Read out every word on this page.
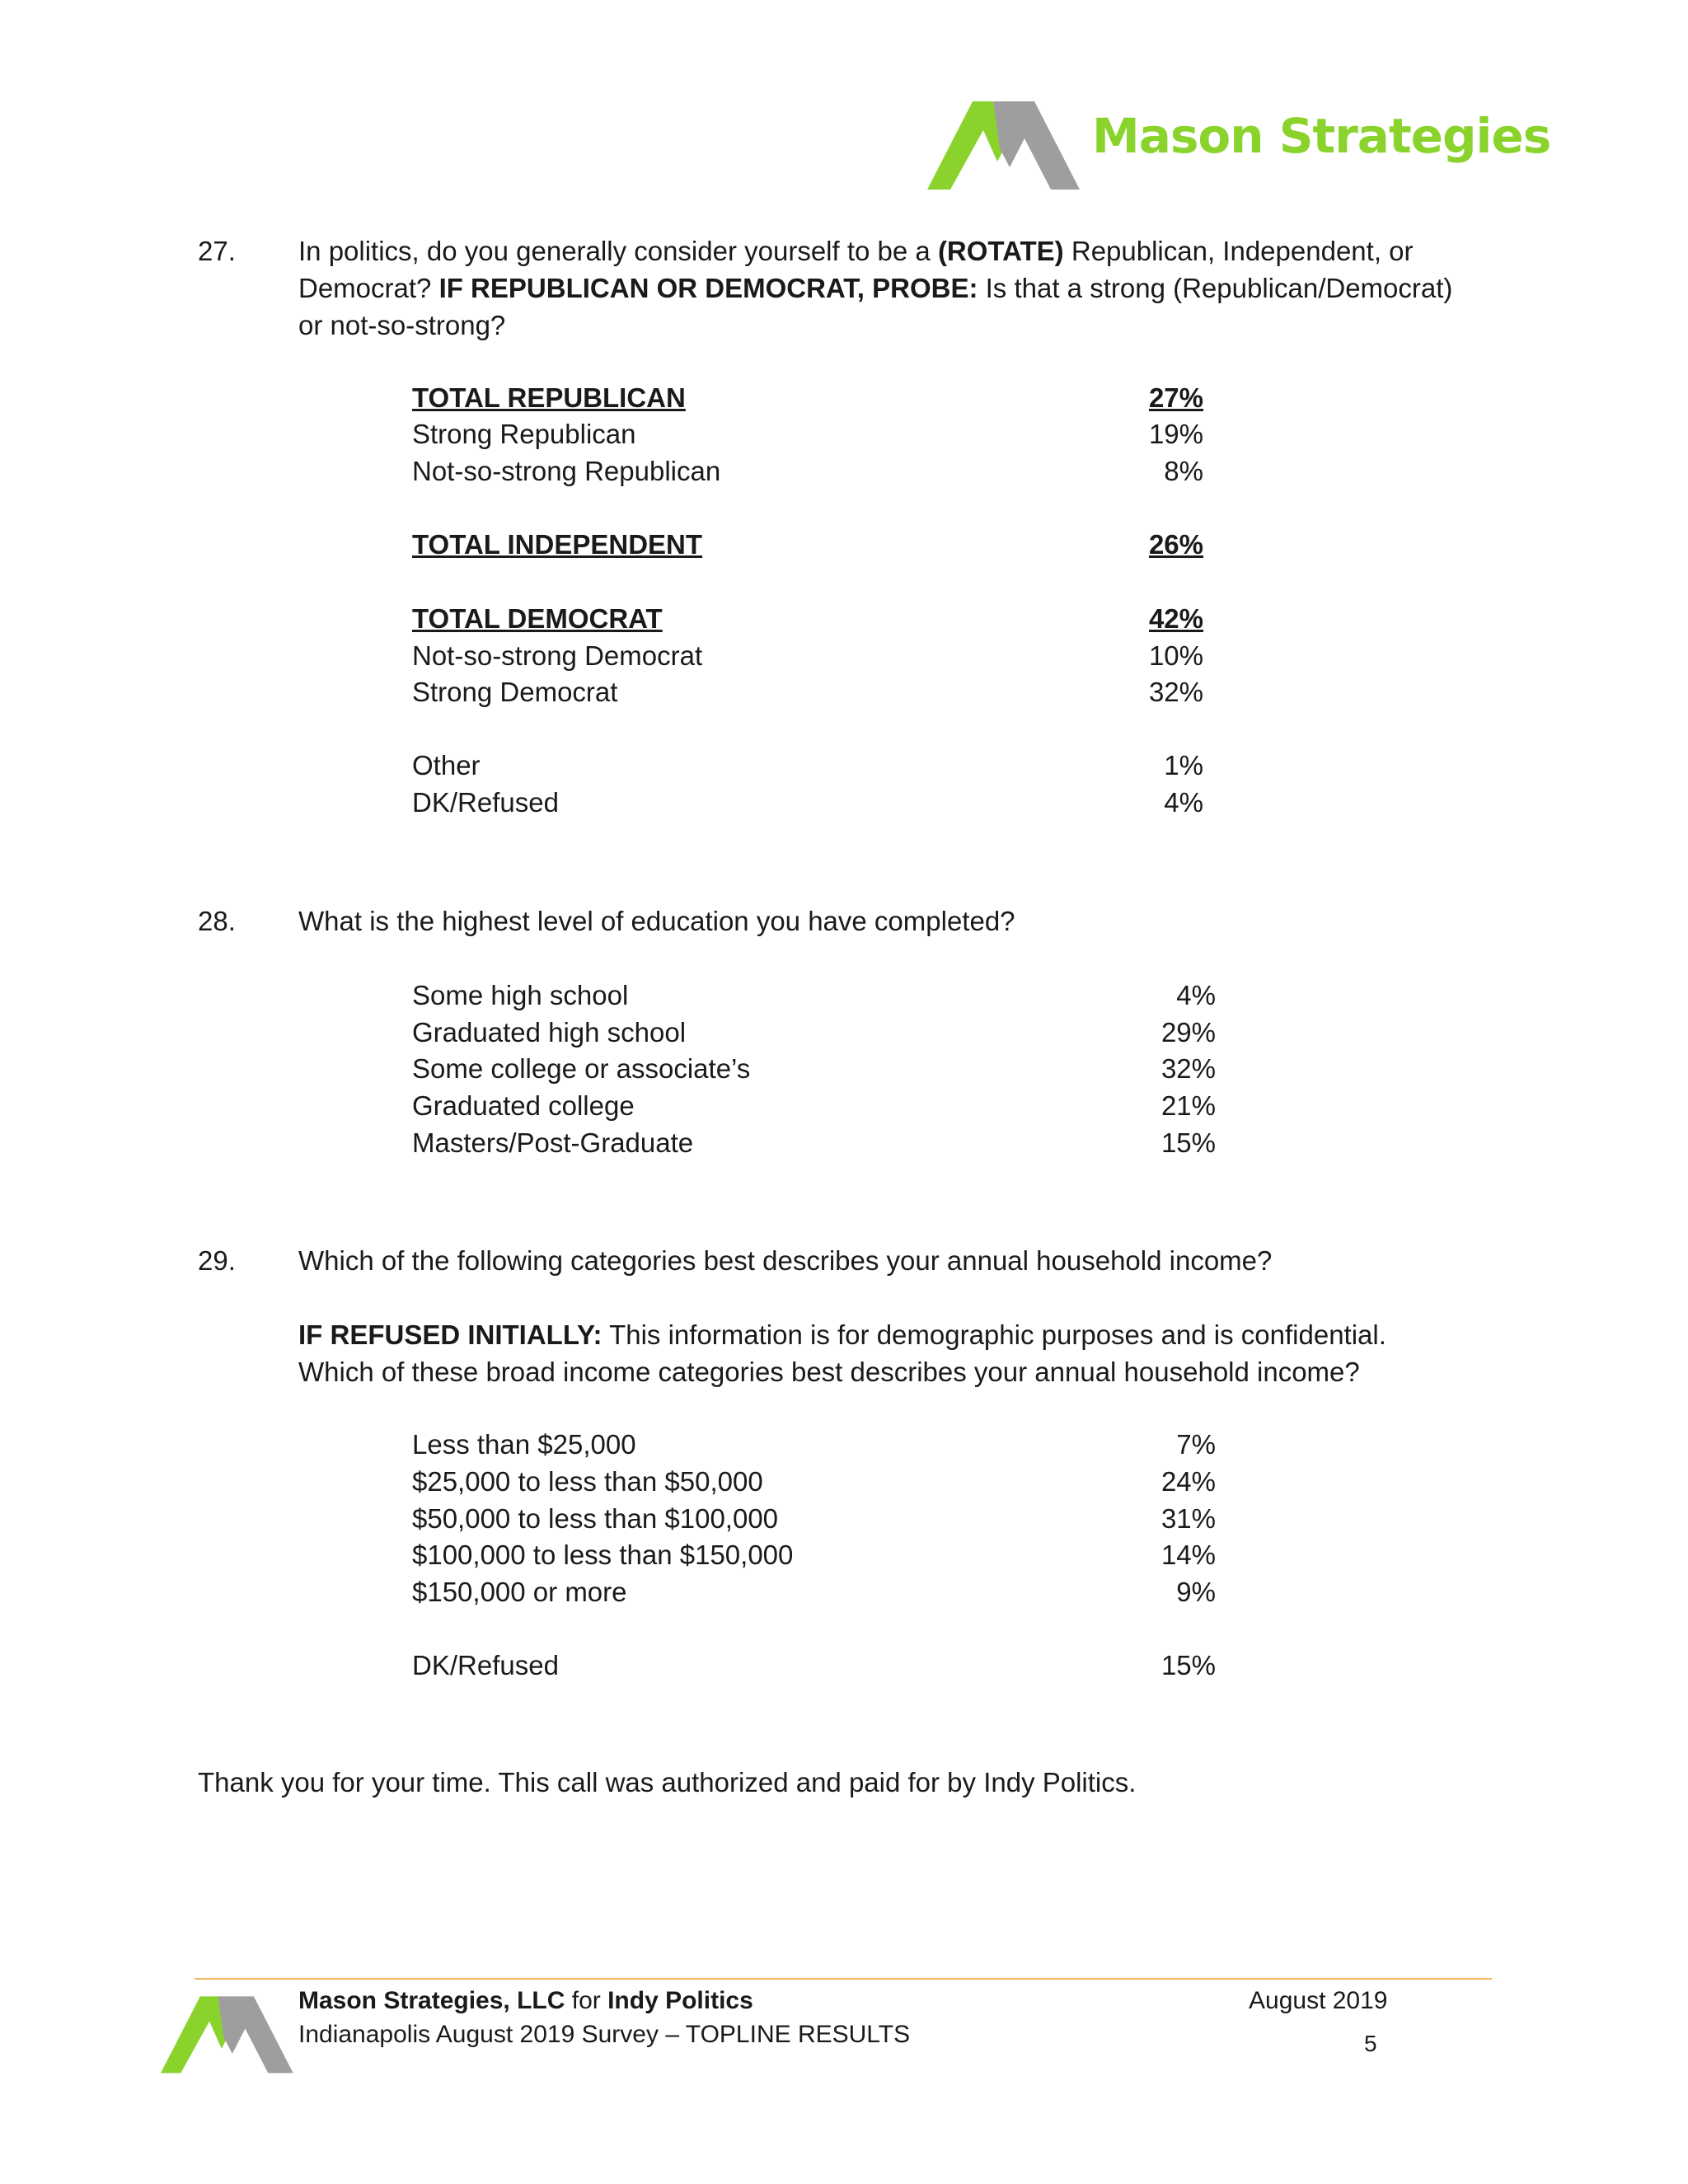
Mason Strategies
27. In politics, do you generally consider yourself to be a (ROTATE) Republican, Independent, or Democrat? IF REPUBLICAN OR DEMOCRAT, PROBE: Is that a strong (Republican/Democrat) or not-so-strong?
TOTAL REPUBLICAN	27%
Strong Republican	19%
Not-so-strong Republican	8%
TOTAL INDEPENDENT	26%
TOTAL DEMOCRAT	42%
Not-so-strong Democrat	10%
Strong Democrat	32%
Other	1%
DK/Refused	4%
28. What is the highest level of education you have completed?
Some high school	4%
Graduated high school	29%
Some college or associate’s	32%
Graduated college	21%
Masters/Post-Graduate	15%
29. Which of the following categories best describes your annual household income?
IF REFUSED INITIALLY: This information is for demographic purposes and is confidential. Which of these broad income categories best describes your annual household income?
Less than $25,000	7%
$25,000 to less than $50,000	24%
$50,000 to less than $100,000	31%
$100,000 to less than $150,000	14%
$150,000 or more	9%
DK/Refused	15%
Thank you for your time. This call was authorized and paid for by Indy Politics.
Mason Strategies, LLC for Indy Politics
Indianapolis August 2019 Survey – TOPLINE RESULTS
August 2019
5
